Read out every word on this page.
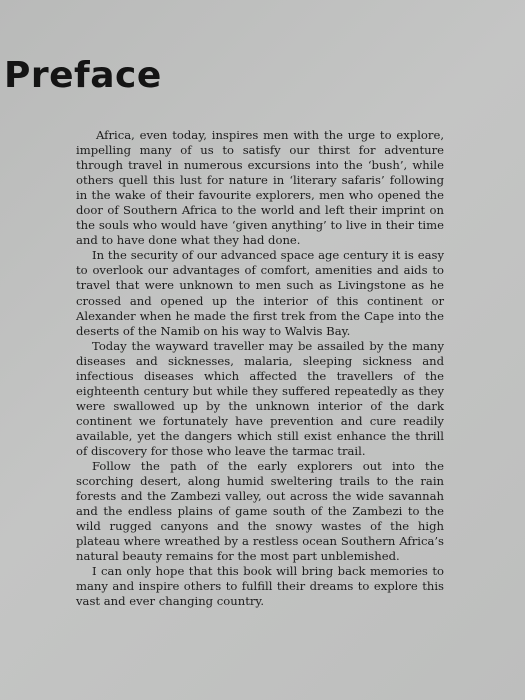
Preface

Africa, even today, inspires men with the urge to explore, impelling many of us to satisfy our thirst for adventure through travel in numerous excursions into the ‘bush’, while others quell this lust for nature in ‘literary safaris’ following in the wake of their favourite explorers, men who opened the door of Southern Africa to the world and left their imprint on the souls who would have ‘given anything’ to live in their time and to have done what they had done.

In the security of our advanced space age century it is easy to overlook our advantages of comfort, amenities and aids to travel that were unknown to men such as Livingstone as he crossed and opened up the interior of this continent or Alexander when he made the first trek from the Cape into the deserts of the Namib on his way to Walvis Bay.

Today the wayward traveller may be assailed by the many diseases and sicknesses, malaria, sleeping sickness and infectious diseases which affected the travellers of the eighteenth century but while they suffered repeatedly as they were swallowed up by the unknown interior of the dark continent we fortunately have prevention and cure readily available, yet the dangers which still exist enhance the thrill of discovery for those who leave the tarmac trail.

Follow the path of the early explorers out into the scorching desert, along humid sweltering trails to the rain forests and the Zambezi valley, out across the wide savannah and the endless plains of game south of the Zambezi to the wild rugged canyons and the snowy wastes of the high plateau where wreathed by a restless ocean Southern Africa’s natural beauty remains for the most part unblemished.

I can only hope that this book will bring back memories to many and inspire others to fulfill their dreams to explore this vast and ever changing country.
